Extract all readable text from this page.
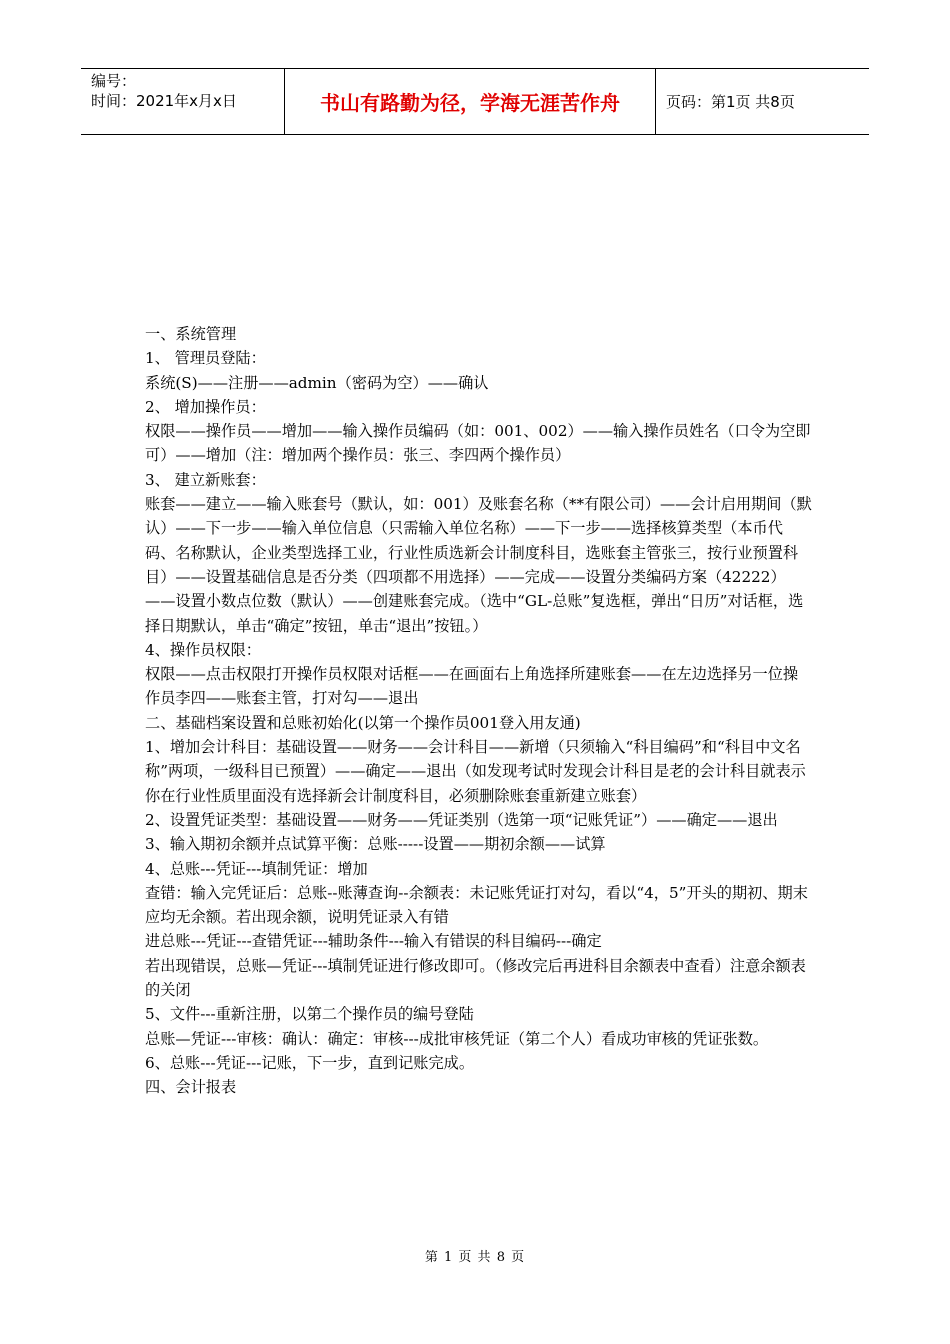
编号：
时间：2021年x月x日	书山有路勤为径，学海无涯苦作舟	页码：第1页 共8页

一、系统管理

1、 管理员登陆：

系统(S)——注册——admin（密码为空）——确认

2、 增加操作员：

权限——操作员——增加——输入操作员编码（如：001、002）——输入操作员姓名（口令为空即可）——增加（注：增加两个操作员：张三、李四两个操作员）

3、 建立新账套：

账套——建立——输入账套号（默认，如：001）及账套名称（**有限公司）——会计启用期间（默认）——下一步——输入单位信息（只需输入单位名称）——下一步——选择核算类型（本币代码、名称默认，企业类型选择工业，行业性质选新会计制度科目，选账套主管张三，按行业预置科目）——设置基础信息是否分类（四项都不用选择）——完成——设置分类编码方案（42222）——设置小数点位数（默认）——创建账套完成。（选中“GL-总账”复选框，弹出“日历”对话框，选择日期默认，单击“确定”按钮，单击“退出”按钮。）

4、操作员权限：

权限——点击权限打开操作员权限对话框——在画面右上角选择所建账套——在左边选择另一位操作员李四——账套主管，打对勾——退出

二、基础档案设置和总账初始化(以第一个操作员001登入用友通)

1、增加会计科目：基础设置——财务——会计科目——新增（只须输入“科目编码”和“科目中文名称”两项，一级科目已预置）——确定——退出（如发现考试时发现会计科目是老的会计科目就表示你在行业性质里面没有选择新会计制度科目，必须删除账套重新建立账套）

2、设置凭证类型：基础设置——财务——凭证类别（选第一项“记账凭证”）——确定——退出

3、输入期初余额并点试算平衡：总账-----设置——期初余额——试算

4、总账---凭证---填制凭证：增加

查错：输入完凭证后：总账--账薄查询--余额表：未记账凭证打对勾，看以“4，5”开头的期初、期末应均无余额。若出现余额，说明凭证录入有错

进总账---凭证---查错凭证---辅助条件---输入有错误的科目编码---确定

若出现错误，总账—凭证---填制凭证进行修改即可。（修改完后再进科目余额表中查看）注意余额表的关闭

5、文件---重新注册，以第二个操作员的编号登陆

总账—凭证---审核：确认：确定：审核---成批审核凭证（第二个人）看成功审核的凭证张数。

6、总账---凭证---记账，下一步，直到记账完成。

四、会计报表

第 1 页 共 8 页
